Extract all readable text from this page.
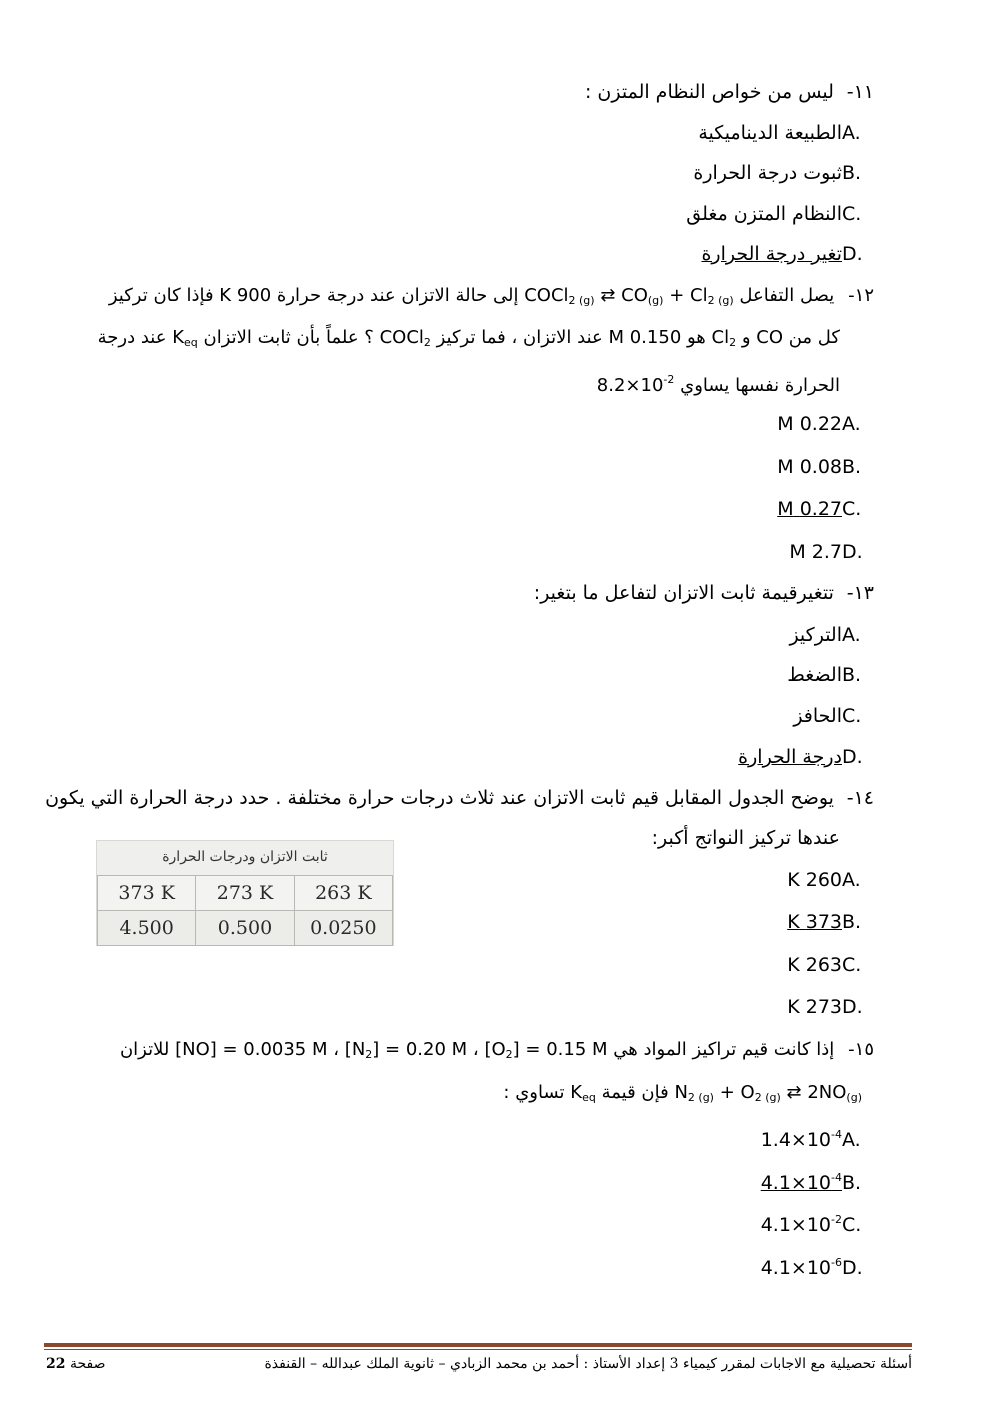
١١- ليس من خواص النظام المتزن :
A.الطبيعة الديناميكية
B.ثبوت درجة الحرارة
C.النظام المتزن مغلق
D.تغير درجة الحرارة
١٢- يصل التفاعل COCl$_{2 (g)}$ ⇄ $CO_{(g)} + Cl_{2 (g)}$ إلى حالة الاتزان عند درجة حرارة 900 K فإذا كان تركيز
كل من CO و $Cl_2$ هو 0.150 M عند الاتزان ، فما تركيز COCl$_2$ ؟ علماً بأن ثابت الاتزان $K_{eq}$ عند درجة
الحرارة نفسها يساوي $8.2\times 10^{-2}$
A.0.22 M
B.0.08 M
C.0.27 M
D.2.7 M
١٣- تتغيرقيمة ثابت الاتزان لتفاعل ما بتغير:
A.التركيز
B.الضغط
C.الحافز
D.درجة الحرارة
١٤- يوضح الجدول المقابل قيم ثابت الاتزان عند ثلاث درجات حرارة مختلفة . حدد درجة الحرارة التي يكون
عندها تركيز النواتج أكبر:
ثابت الاتزان ودرجات الحرارة
373 K	273 K	263 K
4.500	0.500	0.0250
A.260 K
B.373 K
C.263 K
D.273 K
١٥- إذا كانت قيم تراكيز المواد هي $[O_2] = 0.15$ M ، $[N_2] = 0.20$ M ، [NO] = 0.0035 M للاتزان
$N_{2 (g)} + O_{2 (g)}$ ⇄ $2NO_{(g)}$ فإن قيمة $K_{eq}$ تساوي :
$A.1.4\times 10^{-4}$
$B.4.1\times 10^{-4}$
$C.4.1\times 10^{-2}$
$D.4.1\times 10^{-6}$
صفحة 22	أسئلة تحصيلية مع الاجابات لمقرر كيمياء 3 إعداد الأستاذ : أحمد بن محمد الزبادي – ثانوية الملك عبدالله – القنفذة
